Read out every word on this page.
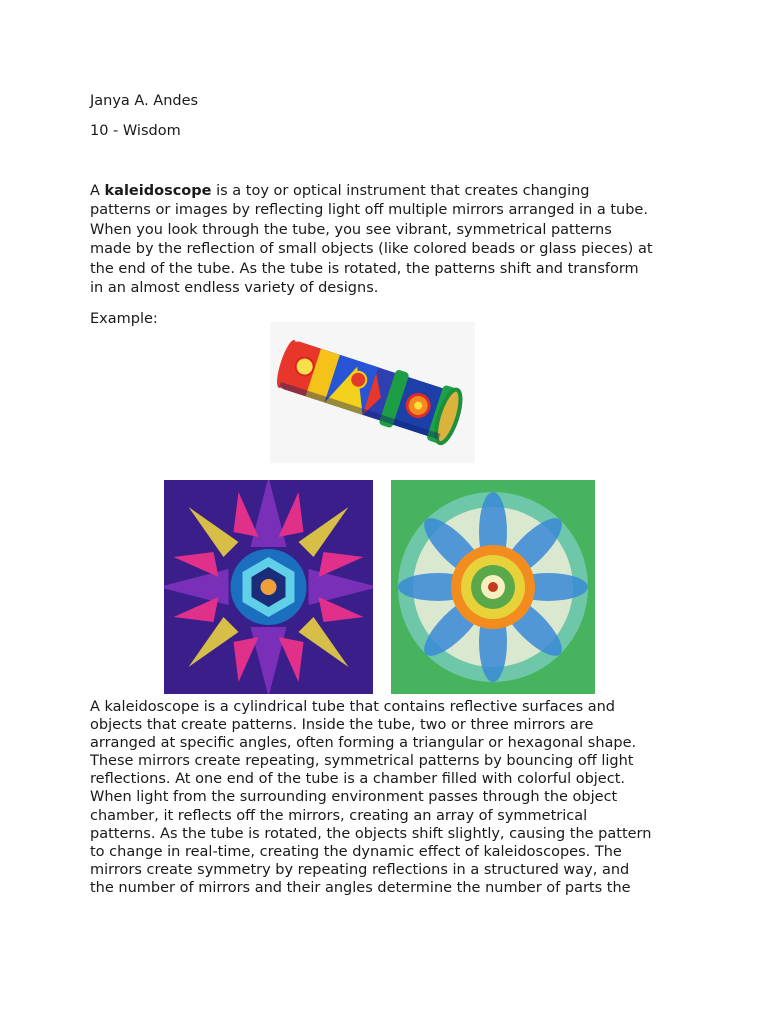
Janya A. Andes
10 - Wisdom
A kaleidoscope is a toy or optical instrument that creates changing
patterns or images by reflecting light off multiple mirrors arranged in a tube.
When you look through the tube, you see vibrant, symmetrical patterns
made by the reflection of small objects (like colored beads or glass pieces) at
the end of the tube. As the tube is rotated, the patterns shift and transform
in an almost endless variety of designs.
Example:
A kaleidoscope is a cylindrical tube that contains reflective surfaces and
objects that create patterns. Inside the tube, two or three mirrors are
arranged at specific angles, often forming a triangular or hexagonal shape.
These mirrors create repeating, symmetrical patterns by bouncing off light
reflections. At one end of the tube is a chamber filled with colorful object.
When light from the surrounding environment passes through the object
chamber, it reflects off the mirrors, creating an array of symmetrical
patterns. As the tube is rotated, the objects shift slightly, causing the pattern
to change in real-time, creating the dynamic effect of kaleidoscopes. The
mirrors create symmetry by repeating reflections in a structured way, and
the number of mirrors and their angles determine the number of parts the
